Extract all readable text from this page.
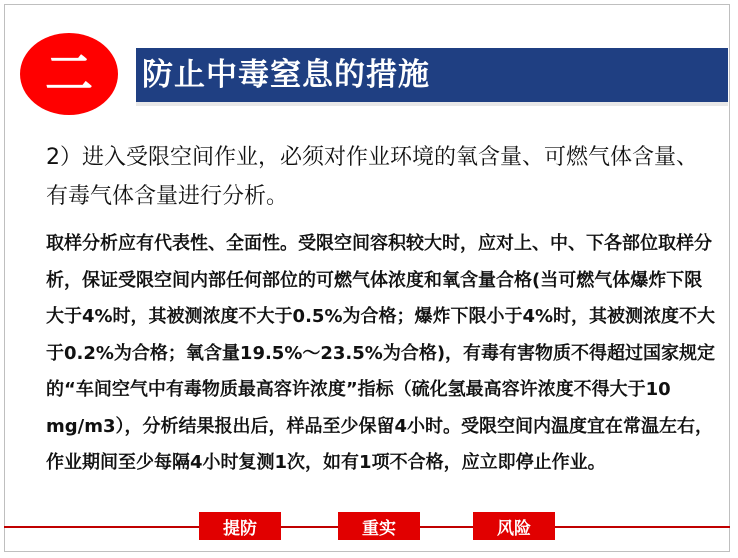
二 防止中毒窒息的措施

2）进入受限空间作业，必须对作业环境的氧含量、可燃气体含量、有毒气体含量进行分析。

取样分析应有代表性、全面性。受限空间容积较大时，应对上、中、下各部位取样分析，保证受限空间内部任何部位的可燃气体浓度和氧含量合格(当可燃气体爆炸下限大于4%时，其被测浓度不大于0.5%为合格；爆炸下限小于4%时，其被测浓度不大于0.2%为合格；氧含量19.5%～23.5%为合格)，有毒有害物质不得超过国家规定的“车间空气中有毒物质最高容许浓度”指标（硫化氢最高容许浓度不得大于10 mg/m3），分析结果报出后，样品至少保留4小时。受限空间内温度宜在常温左右，作业期间至少每隔4小时复测1次，如有1项不合格，应立即停止作业。

提防	重实	风险
